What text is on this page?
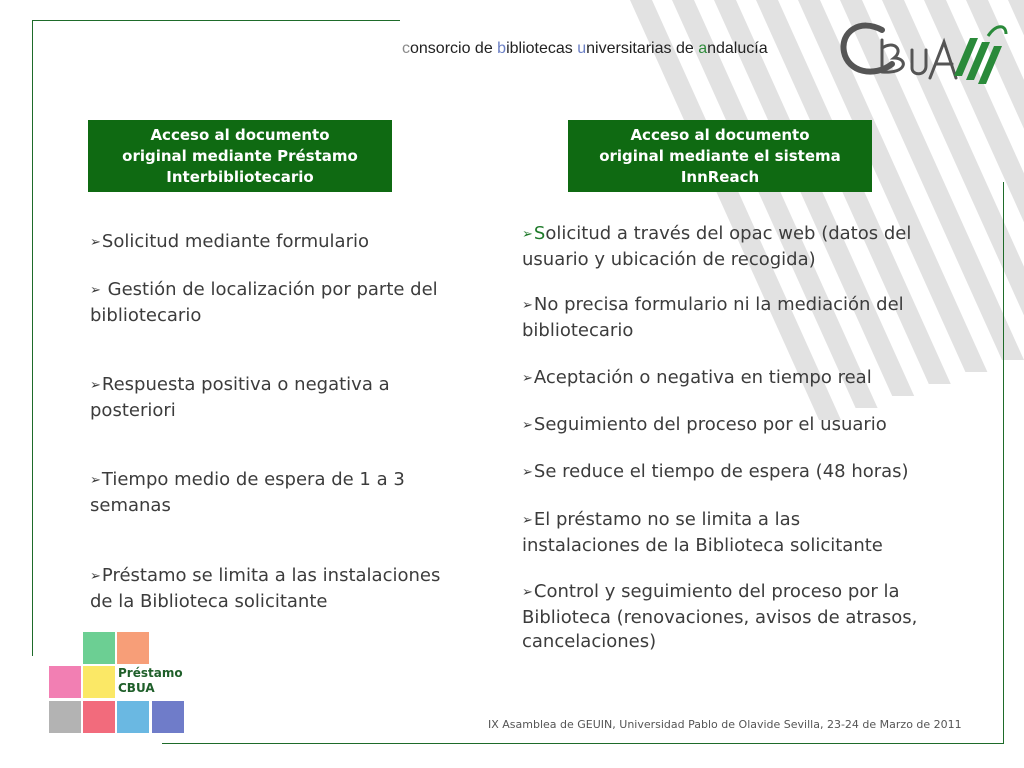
consorcio de bibliotecas universitarias de andalucía
Acceso al documento
original mediante Préstamo
Interbibliotecario
Acceso al documento
original mediante el sistema
InnReach
➢Solicitud mediante formulario
➢ Gestión de localización por parte del
bibliotecario
➢Respuesta positiva o negativa a
posteriori
➢Tiempo medio de espera de 1 a 3
semanas
➢Préstamo se limita a las instalaciones
de la Biblioteca solicitante
➢Solicitud a través del opac web (datos del
usuario y ubicación de recogida)
➢No precisa formulario ni la mediación del
bibliotecario
➢Aceptación o negativa en tiempo real
➢Seguimiento del proceso por el usuario
➢Se reduce el tiempo de espera (48 horas)
➢El préstamo no se limita a las
instalaciones de la Biblioteca solicitante
➢Control y seguimiento del proceso por la
Biblioteca (renovaciones, avisos de atrasos,
cancelaciones)
Préstamo
CBUA
IX Asamblea de GEUIN, Universidad Pablo de Olavide Sevilla, 23-24 de Marzo de 2011
